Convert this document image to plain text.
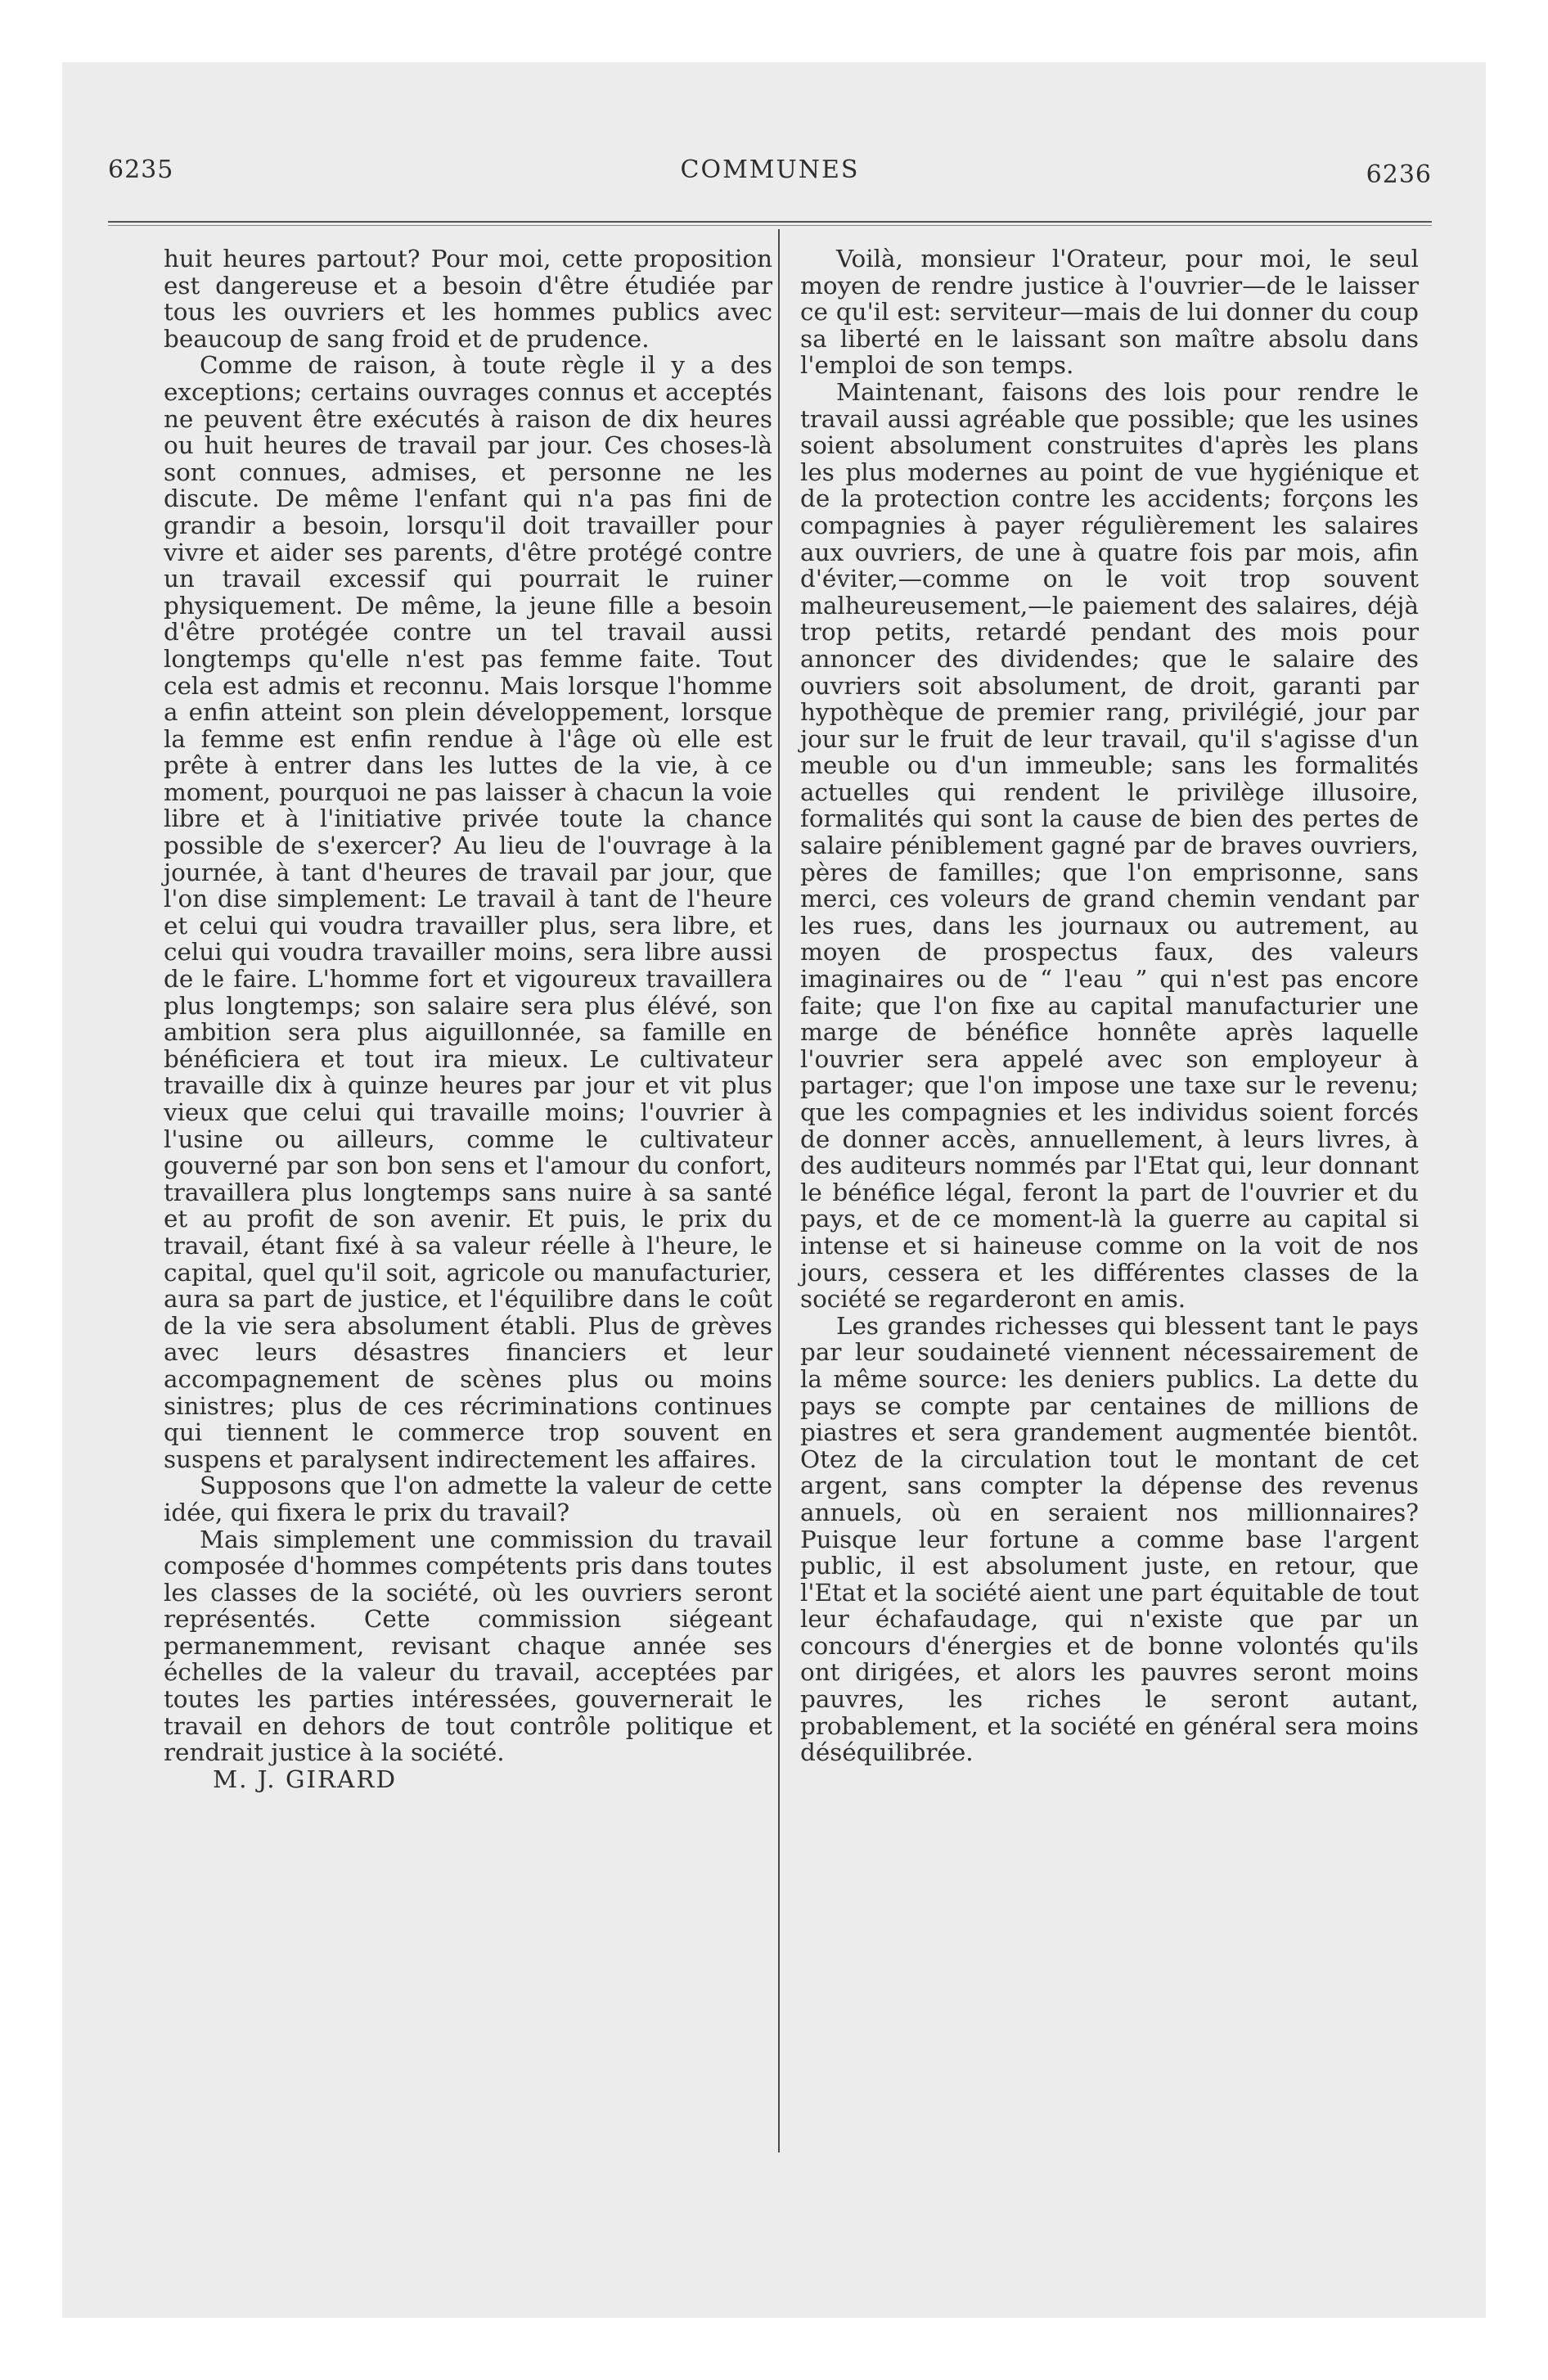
6235	COMMUNES	6236

huit heures partout? Pour moi, cette proposition est dangereuse et a besoin d'être étudiée par tous les ouvriers et les hommes publics avec beaucoup de sang froid et de prudence.

Comme de raison, à toute règle il y a des exceptions; certains ouvrages connus et acceptés ne peuvent être exécutés à raison de dix heures ou huit heures de travail par jour. Ces choses-là sont connues, admises, et personne ne les discute. De même l'enfant qui n'a pas fini de grandir a besoin, lorsqu'il doit travailler pour vivre et aider ses parents, d'être protégé contre un travail excessif qui pourrait le ruiner physiquement. De même, la jeune fille a besoin d'être protégée contre un tel travail aussi longtemps qu'elle n'est pas femme faite. Tout cela est admis et reconnu. Mais lorsque l'homme a enfin atteint son plein développement, lorsque la femme est enfin rendue à l'âge où elle est prête à entrer dans les luttes de la vie, à ce moment, pourquoi ne pas laisser à chacun la voie libre et à l'initiative privée toute la chance possible de s'exercer? Au lieu de l'ouvrage à la journée, à tant d'heures de travail par jour, que l'on dise simplement: Le travail à tant de l'heure et celui qui voudra travailler plus, sera libre, et celui qui voudra travailler moins, sera libre aussi de le faire. L'homme fort et vigoureux travaillera plus longtemps; son salaire sera plus élévé, son ambition sera plus aiguillonnée, sa famille en bénéficiera et tout ira mieux. Le cultivateur travaille dix à quinze heures par jour et vit plus vieux que celui qui travaille moins; l'ouvrier à l'usine ou ailleurs, comme le cultivateur gouverné par son bon sens et l'amour du confort, travaillera plus longtemps sans nuire à sa santé et au profit de son avenir. Et puis, le prix du travail, étant fixé à sa valeur réelle à l'heure, le capital, quel qu'il soit, agricole ou manufacturier, aura sa part de justice, et l'équilibre dans le coût de la vie sera absolument établi. Plus de grèves avec leurs désastres financiers et leur accompagnement de scènes plus ou moins sinistres; plus de ces récriminations continues qui tiennent le commerce trop souvent en suspens et paralysent indirectement les affaires.

Supposons que l'on admette la valeur de cette idée, qui fixera le prix du travail?

Mais simplement une commission du travail composée d'hommes compétents pris dans toutes les classes de la société, où les ouvriers seront représentés. Cette commission siégeant permanemment, revisant chaque année ses échelles de la valeur du travail, acceptées par toutes les parties intéressées, gouvernerait le travail en dehors de tout contrôle politique et rendrait justice à la société.

M. J. GIRARD

Voilà, monsieur l'Orateur, pour moi, le seul moyen de rendre justice à l'ouvrier—de le laisser ce qu'il est: serviteur—mais de lui donner du coup sa liberté en le laissant son maître absolu dans l'emploi de son temps.

Maintenant, faisons des lois pour rendre le travail aussi agréable que possible; que les usines soient absolument construites d'après les plans les plus modernes au point de vue hygiénique et de la protection contre les accidents; forçons les compagnies à payer régulièrement les salaires aux ouvriers, de une à quatre fois par mois, afin d'éviter,—comme on le voit trop souvent malheureusement,—le paiement des salaires, déjà trop petits, retardé pendant des mois pour annoncer des dividendes; que le salaire des ouvriers soit absolument, de droit, garanti par hypothèque de premier rang, privilégié, jour par jour sur le fruit de leur travail, qu'il s'agisse d'un meuble ou d'un immeuble; sans les formalités actuelles qui rendent le privilège illusoire, formalités qui sont la cause de bien des pertes de salaire péniblement gagné par de braves ouvriers, pères de familles; que l'on emprisonne, sans merci, ces voleurs de grand chemin vendant par les rues, dans les journaux ou autrement, au moyen de prospectus faux, des valeurs imaginaires ou de “ l'eau ” qui n'est pas encore faite; que l'on fixe au capital manufacturier une marge de bénéfice honnête après laquelle l'ouvrier sera appelé avec son employeur à partager; que l'on impose une taxe sur le revenu; que les compagnies et les individus soient forcés de donner accès, annuellement, à leurs livres, à des auditeurs nommés par l'Etat qui, leur donnant le bénéfice légal, feront la part de l'ouvrier et du pays, et de ce moment-là la guerre au capital si intense et si haineuse comme on la voit de nos jours, cessera et les différentes classes de la société se regarderont en amis.

Les grandes richesses qui blessent tant le pays par leur soudaineté viennent nécessairement de la même source: les deniers publics. La dette du pays se compte par centaines de millions de piastres et sera grandement augmentée bientôt. Otez de la circulation tout le montant de cet argent, sans compter la dépense des revenus annuels, où en seraient nos millionnaires? Puisque leur fortune a comme base l'argent public, il est absolument juste, en retour, que l'Etat et la société aient une part équitable de tout leur échafaudage, qui n'existe que par un concours d'énergies et de bonne volontés qu'ils ont dirigées, et alors les pauvres seront moins pauvres, les riches le seront autant, probablement, et la société en général sera moins déséquilibrée.
